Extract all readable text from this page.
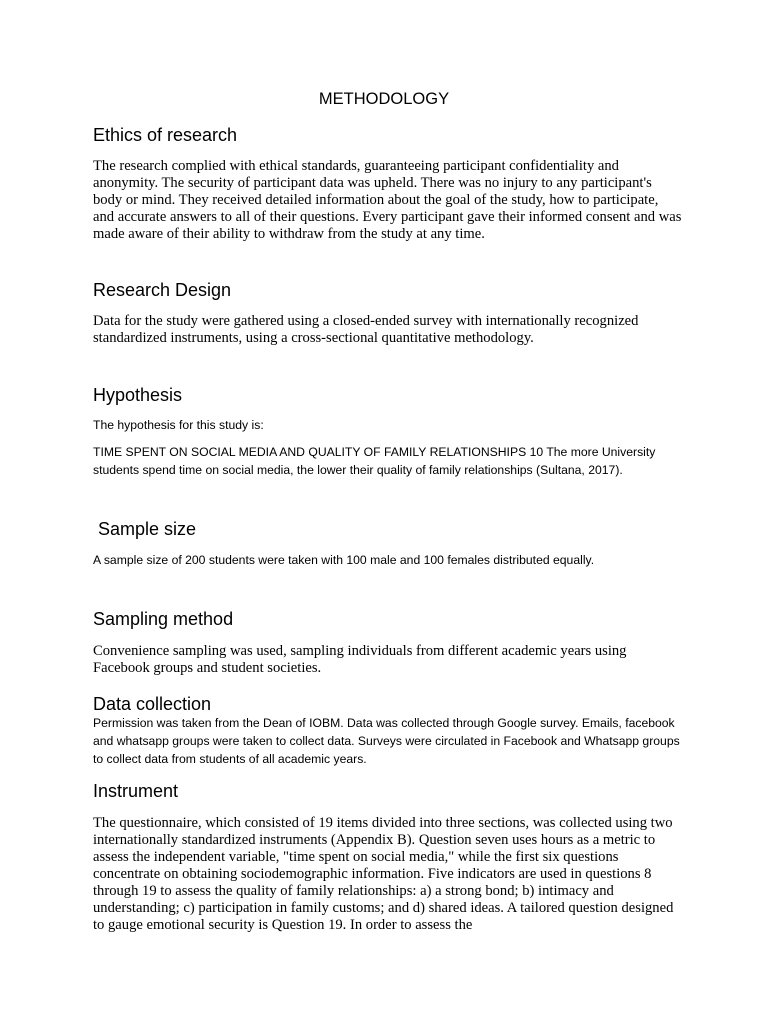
METHODOLOGY
Ethics of research

The research complied with ethical standards, guaranteeing participant confidentiality and anonymity. The security of participant data was upheld. There was no injury to any participant's body or mind. They received detailed information about the goal of the study, how to participate, and accurate answers to all of their questions. Every participant gave their informed consent and was made aware of their ability to withdraw from the study at any time.

Research Design

Data for the study were gathered using a closed-ended survey with internationally recognized standardized instruments, using a cross-sectional quantitative methodology.

Hypothesis

The hypothesis for this study is:

TIME SPENT ON SOCIAL MEDIA AND QUALITY OF FAMILY RELATIONSHIPS 10 The more University students spend time on social media, the lower their quality of family relationships (Sultana, 2017).

Sample size

A sample size of 200 students were taken with 100 male and 100 females distributed equally.

Sampling method

Convenience sampling was used, sampling individuals from different academic years using Facebook groups and student societies.

Data collection

Permission was taken from the Dean of IOBM. Data was collected through Google survey. Emails, facebook and whatsapp groups were taken to collect data. Surveys were circulated in Facebook and Whatsapp groups to collect data from students of all academic years.

Instrument

The questionnaire, which consisted of 19 items divided into three sections, was collected using two internationally standardized instruments (Appendix B). Question seven uses hours as a metric to assess the independent variable, "time spent on social media," while the first six questions concentrate on obtaining sociodemographic information. Five indicators are used in questions 8 through 19 to assess the quality of family relationships: a) a strong bond; b) intimacy and understanding; c) participation in family customs; and d) shared ideas. A tailored question designed to gauge emotional security is Question 19. In order to assess the
